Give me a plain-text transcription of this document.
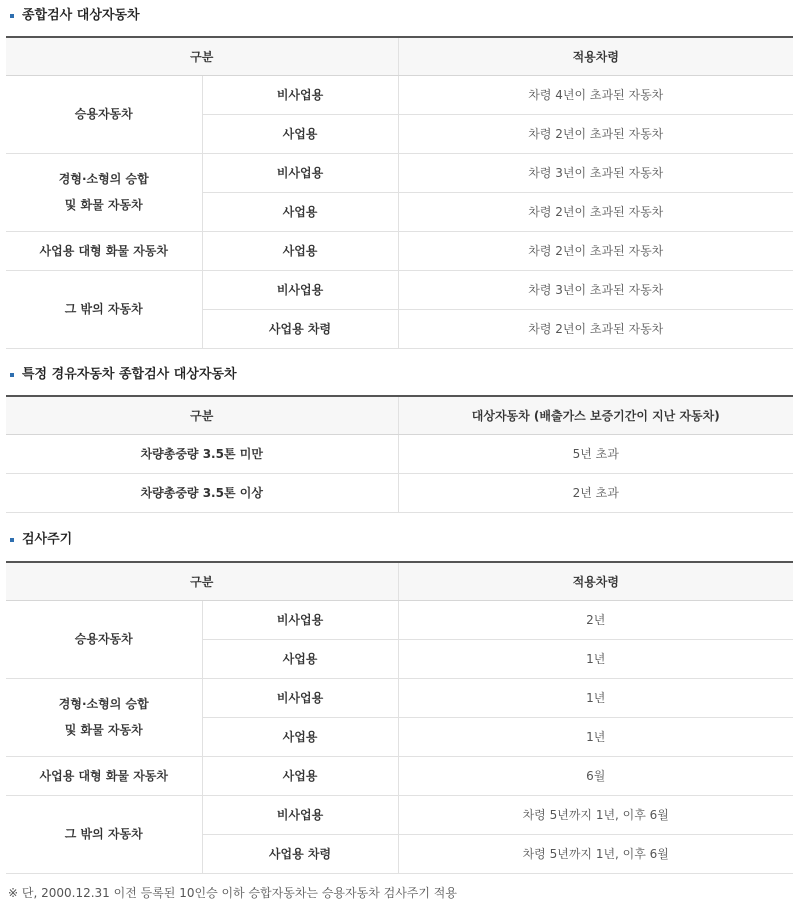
종합검사 대상자동차
구분		적용차령
승용자동차	비사업용	차령 4년이 초과된 자동차
	사업용	차령 2년이 초과된 자동차
경형·소형의 승합
및 화물 자동차	비사업용	차령 3년이 초과된 자동차
	사업용	차령 2년이 초과된 자동차
사업용 대형 화물 자동차	사업용	차령 2년이 초과된 자동차
그 밖의 자동차	비사업용	차령 3년이 초과된 자동차
	사업용 차령	차령 2년이 초과된 자동차
특정 경유자동차 종합검사 대상자동차
구분	대상자동차 (배출가스 보증기간이 지난 자동차)
차량총중량 3.5톤 미만	5년 초과
차량총중량 3.5톤 이상	2년 초과
검사주기
구분		적용차령
승용자동차	비사업용	2년
	사업용	1년
경형·소형의 승합
및 화물 자동차	비사업용	1년
	사업용	1년
사업용 대형 화물 자동차	사업용	6월
그 밖의 자동차	비사업용	차령 5년까지 1년, 이후 6월
	사업용 차령	차령 5년까지 1년, 이후 6월
※ 단, 2000.12.31 이전 등록된 10인승 이하 승합자동차는 승용자동차 검사주기 적용
